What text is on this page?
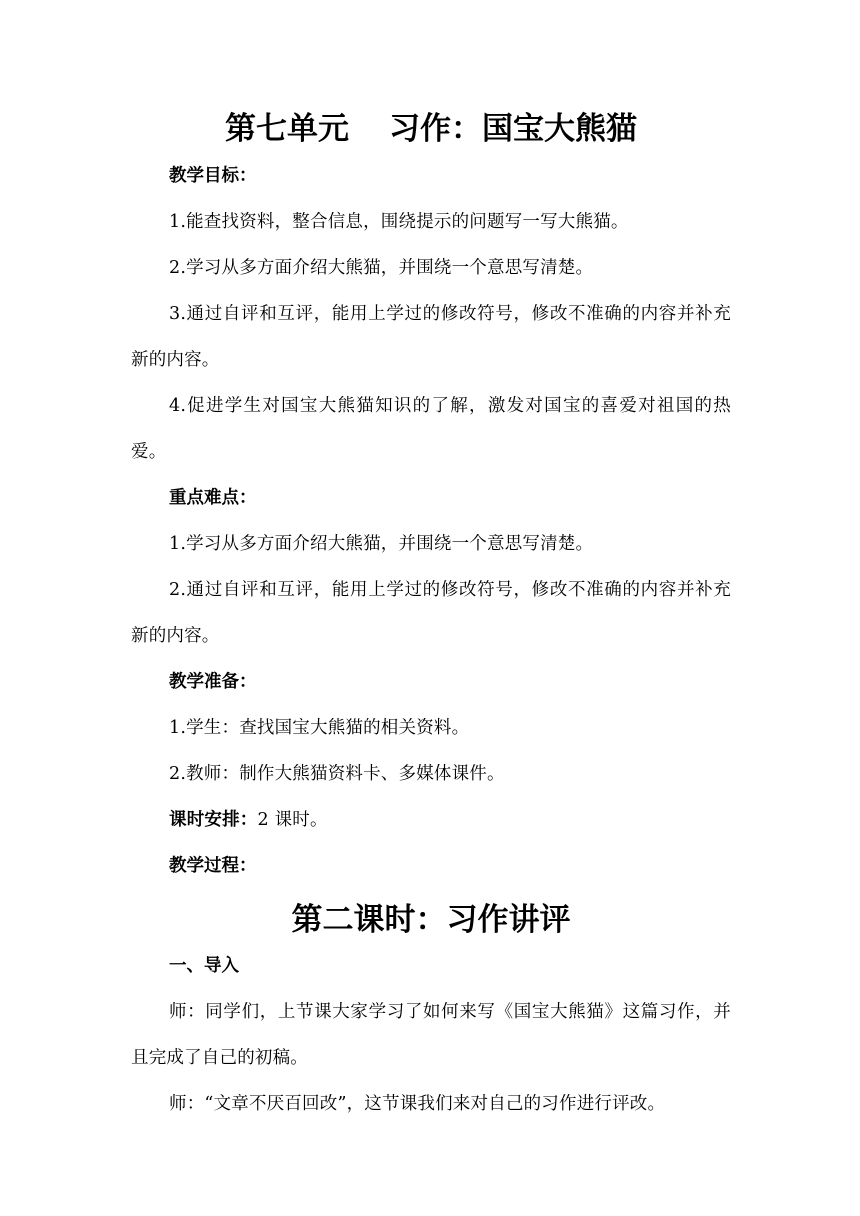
第七单元 习作：国宝大熊猫

教学目标：

1.能查找资料，整合信息，围绕提示的问题写一写大熊猫。

2.学习从多方面介绍大熊猫，并围绕一个意思写清楚。

3.通过自评和互评，能用上学过的修改符号，修改不准确的内容并补充新的内容。

4.促进学生对国宝大熊猫知识的了解，激发对国宝的喜爱对祖国的热爱。

重点难点：

1.学习从多方面介绍大熊猫，并围绕一个意思写清楚。

2.通过自评和互评，能用上学过的修改符号，修改不准确的内容并补充新的内容。

教学准备：

1.学生：查找国宝大熊猫的相关资料。

2.教师：制作大熊猫资料卡、多媒体课件。

课时安排：2 课时。

教学过程：

第二课时：习作讲评

一、导入

师：同学们，上节课大家学习了如何来写《国宝大熊猫》这篇习作，并且完成了自己的初稿。

师：“文章不厌百回改”，这节课我们来对自己的习作进行评改。
